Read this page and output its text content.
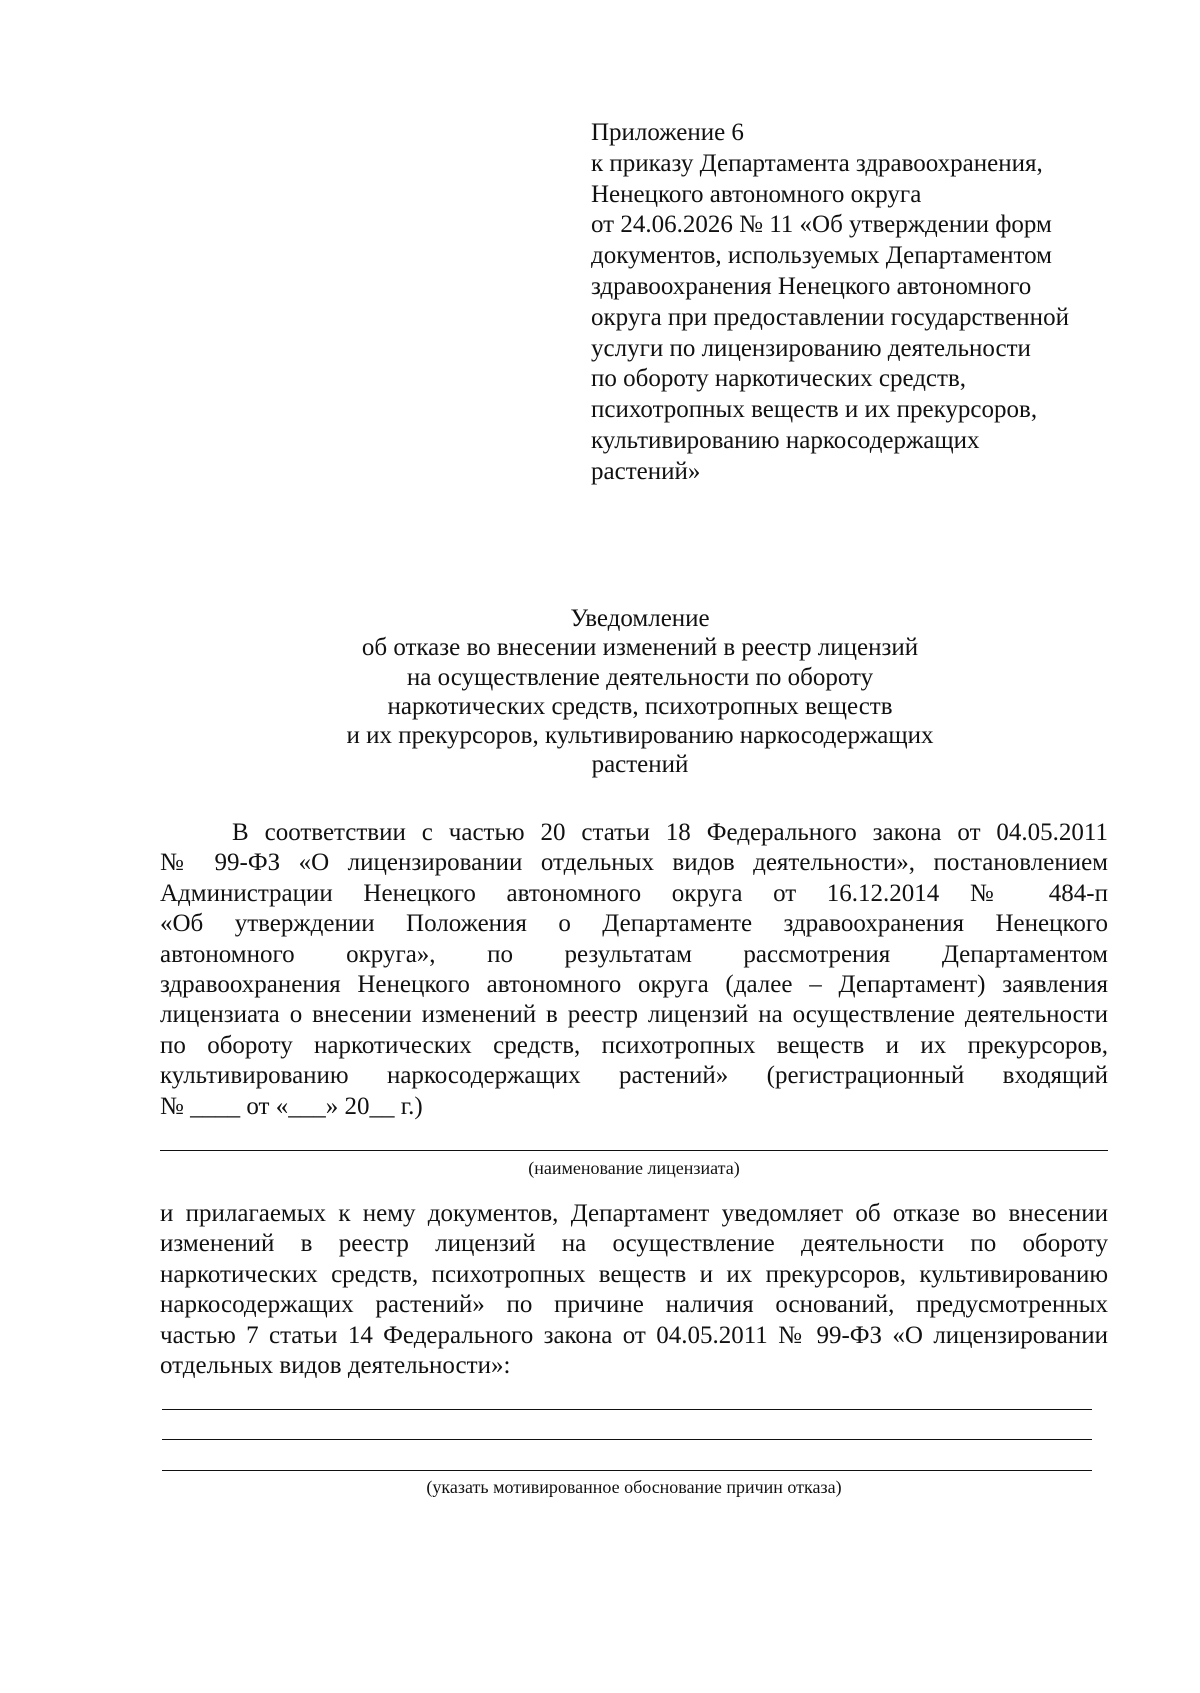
Приложение 6
к приказу Департамента здравоохранения,
Ненецкого автономного округа
от 24.06.2026 № 11 «Об утверждении форм
документов, используемых Департаментом
здравоохранения Ненецкого автономного
округа при предоставлении государственной
услуги по лицензированию деятельности
по обороту наркотических средств,
психотропных веществ и их прекурсоров,
культивированию наркосодержащих
растений»
Уведомление
об отказе во внесении изменений в реестр лицензий
на осуществление деятельности по обороту
наркотических средств, психотропных веществ
и их прекурсоров, культивированию наркосодержащих
растений
В соответствии с частью 20 статьи 18 Федерального закона от 04.05.2011
№ 99-ФЗ «О лицензировании отдельных видов деятельности», постановлением
Администрации Ненецкого автономного округа от 16.12.2014 № 484-п
«Об утверждении Положения о Департаменте здравоохранения Ненецкого
автономного округа», по результатам рассмотрения Департаментом
здравоохранения Ненецкого автономного округа (далее – Департамент) заявления
лицензиата о внесении изменений в реестр лицензий на осуществление деятельности
по обороту наркотических средств, психотропных веществ и их прекурсоров,
культивированию наркосодержащих растений» (регистрационный входящий
№ ____ от «___» 20__ г.)
(наименование лицензиата)
и прилагаемых к нему документов, Департамент уведомляет об отказе во внесении
изменений в реестр лицензий на осуществление деятельности по обороту
наркотических средств, психотропных веществ и их прекурсоров, культивированию
наркосодержащих растений» по причине наличия оснований, предусмотренных
частью 7 статьи 14 Федерального закона от 04.05.2011 № 99-ФЗ «О лицензировании
отдельных видов деятельности»:
(указать мотивированное обоснование причин отказа)
